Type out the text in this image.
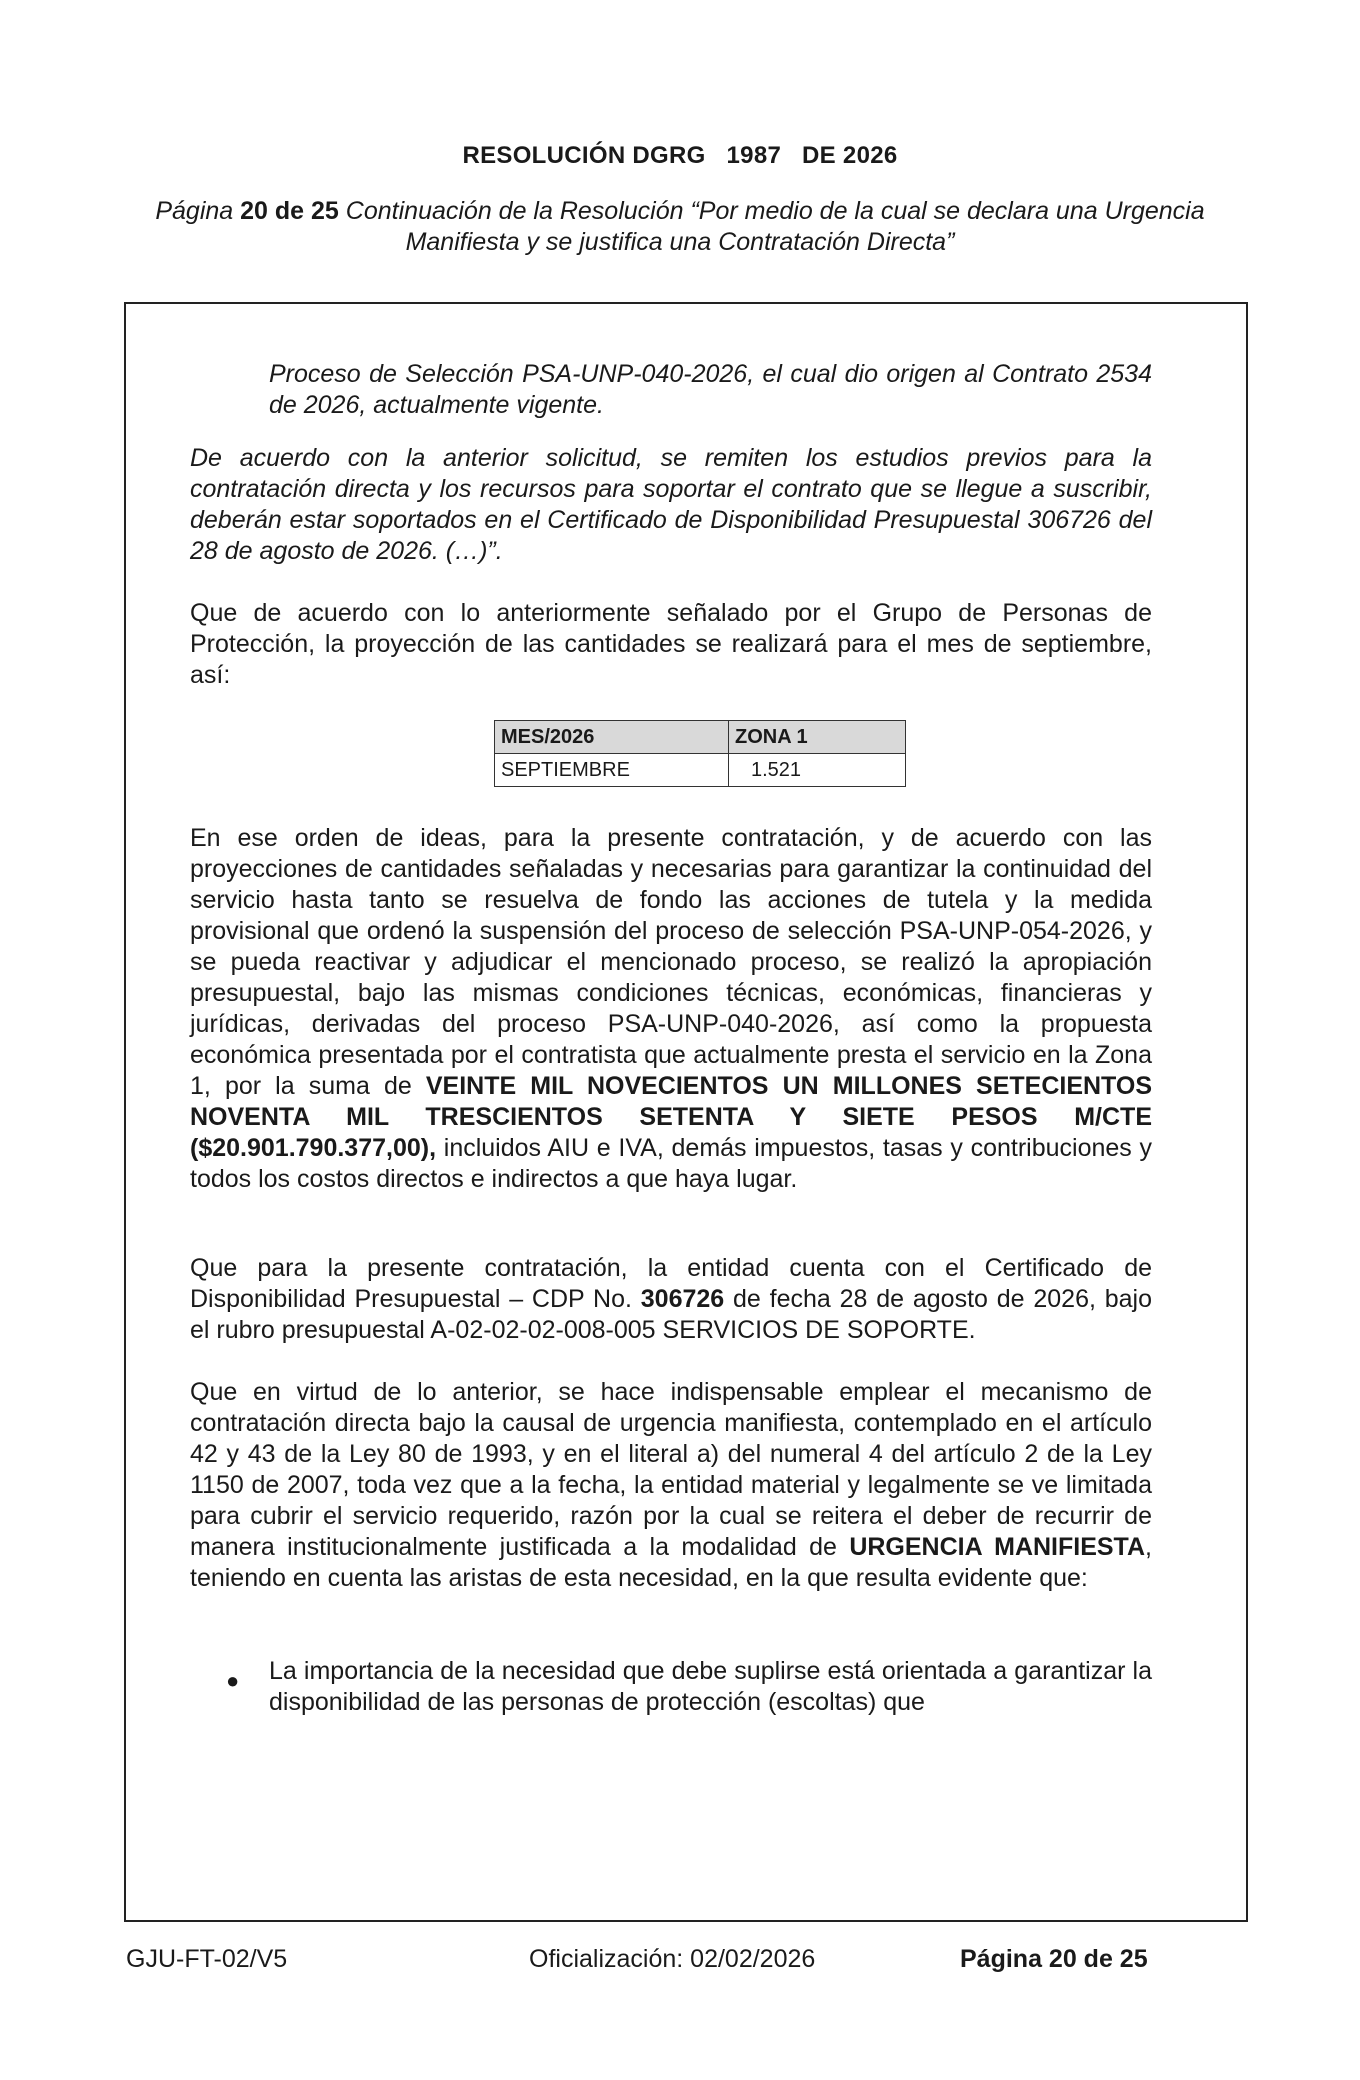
RESOLUCIÓN DGRG   1987   DE 2026
Página 20 de 25 Continuación de la Resolución “Por medio de la cual se declara una Urgencia Manifiesta y se justifica una Contratación Directa”

Proceso de Selección PSA-UNP-040-2026, el cual dio origen al Contrato 2534 de 2026, actualmente vigente.

De acuerdo con la anterior solicitud, se remiten los estudios previos para la contratación directa y los recursos para soportar el contrato que se llegue a suscribir, deberán estar soportados en el Certificado de Disponibilidad Presupuestal 306726 del 28 de agosto de 2026. (…)”.

Que de acuerdo con lo anteriormente señalado por el Grupo de Personas de Protección, la proyección de las cantidades se realizará para el mes de septiembre, así:

MES/2026	ZONA 1
SEPTIEMBRE	1.521

En ese orden de ideas, para la presente contratación, y de acuerdo con las proyecciones de cantidades señaladas y necesarias para garantizar la continuidad del servicio hasta tanto se resuelva de fondo las acciones de tutela y la medida provisional que ordenó la suspensión del proceso de selección PSA-UNP-054-2026, y se pueda reactivar y adjudicar el mencionado proceso, se realizó la apropiación presupuestal, bajo las mismas condiciones técnicas, económicas, financieras y jurídicas, derivadas del proceso PSA-UNP-040-2026, así como la propuesta económica presentada por el contratista que actualmente presta el servicio en la Zona 1, por la suma de VEINTE MIL NOVECIENTOS UN MILLONES SETECIENTOS NOVENTA MIL TRESCIENTOS SETENTA Y SIETE PESOS M/CTE ($20.901.790.377,00), incluidos AIU e IVA, demás impuestos, tasas y contribuciones y todos los costos directos e indirectos a que haya lugar.

Que para la presente contratación, la entidad cuenta con el Certificado de Disponibilidad Presupuestal – CDP No. 306726 de fecha 28 de agosto de 2026, bajo el rubro presupuestal A-02-02-02-008-005 SERVICIOS DE SOPORTE.

Que en virtud de lo anterior, se hace indispensable emplear el mecanismo de contratación directa bajo la causal de urgencia manifiesta, contemplado en el artículo 42 y 43 de la Ley 80 de 1993, y en el literal a) del numeral 4 del artículo 2 de la Ley 1150 de 2007, toda vez que a la fecha, la entidad material y legalmente se ve limitada para cubrir el servicio requerido, razón por la cual se reitera el deber de recurrir de manera institucionalmente justificada a la modalidad de URGENCIA MANIFIESTA, teniendo en cuenta las aristas de esta necesidad, en la que resulta evidente que:

● La importancia de la necesidad que debe suplirse está orientada a garantizar la disponibilidad de las personas de protección (escoltas) que

GJU-FT-02/V5	Oficialización: 02/02/2026	Página 20 de 25
